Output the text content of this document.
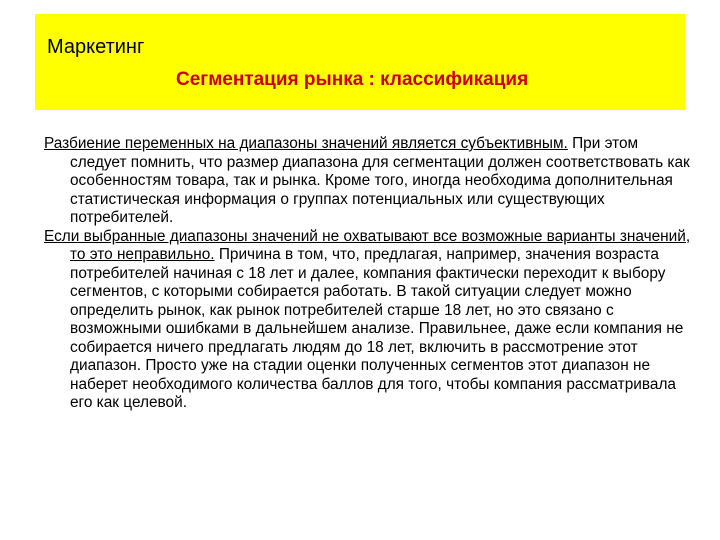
Маркетинг
Сегментация рынка : классификация

Разбиение переменных на диапазоны значений является субъективным. При этом следует помнить, что размер диапазона для сегментации должен соответствовать как особенностям товара, так и рынка. Кроме того, иногда необходима дополнительная статистическая информация о группах потенциальных или существующих потребителей.

Если выбранные диапазоны значений не охватывают все возможные варианты значений, то это неправильно. Причина в том, что, предлагая, например, значения возраста потребителей начиная с 18 лет и далее, компания фактически переходит к выбору сегментов, с которыми собирается работать. В такой ситуации следует можно определить рынок, как рынок потребителей старше 18 лет, но это связано с возможными ошибками в дальнейшем анализе. Правильнее, даже если компания не собирается ничего предлагать людям до 18 лет, включить в рассмотрение этот диапазон. Просто уже на стадии оценки полученных сегментов этот диапазон не наберет необходимого количества баллов для того, чтобы компания рассматривала его как целевой.
